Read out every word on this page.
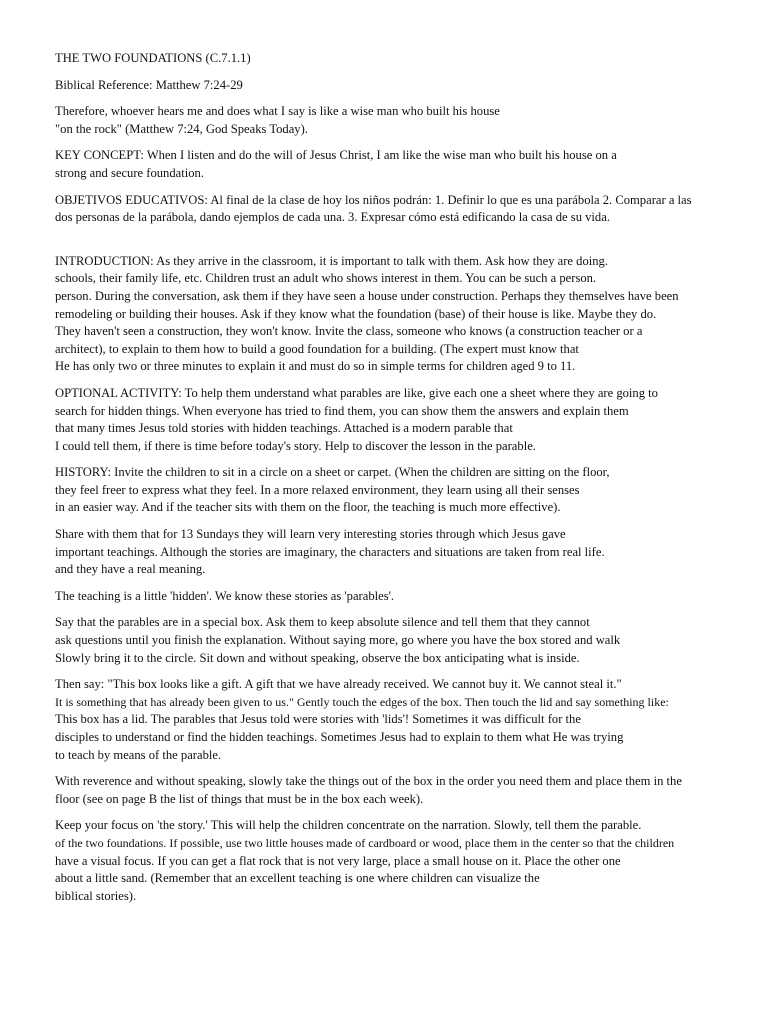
THE TWO FOUNDATIONS (C.7.1.1)
Biblical Reference: Matthew 7:24-29
Therefore, whoever hears me and does what I say is like a wise man who built his house
"on the rock" (Matthew 7:24, God Speaks Today).
KEY CONCEPT: When I listen and do the will of Jesus Christ, I am like the wise man who built his house on a
strong and secure foundation.
OBJETIVOS EDUCATIVOS: Al final de la clase de hoy los niños podrán: 1. Definir lo que es una parábola 2. Comparar a las
dos personas de la parábola, dando ejemplos de cada una. 3. Expresar cómo está edificando la casa de su vida.
INTRODUCTION: As they arrive in the classroom, it is important to talk with them. Ask how they are doing.
schools, their family life, etc. Children trust an adult who shows interest in them. You can be such a person.
person. During the conversation, ask them if they have seen a house under construction. Perhaps they themselves have been
remodeling or building their houses. Ask if they know what the foundation (base) of their house is like. Maybe they do.
They haven't seen a construction, they won't know. Invite the class, someone who knows (a construction teacher or a
architect), to explain to them how to build a good foundation for a building. (The expert must know that
He has only two or three minutes to explain it and must do so in simple terms for children aged 9 to 11.
OPTIONAL ACTIVITY: To help them understand what parables are like, give each one a sheet where they are going to
search for hidden things. When everyone has tried to find them, you can show them the answers and explain them
that many times Jesus told stories with hidden teachings. Attached is a modern parable that
I could tell them, if there is time before today's story. Help to discover the lesson in the parable.
HISTORY: Invite the children to sit in a circle on a sheet or carpet. (When the children are sitting on the floor,
they feel freer to express what they feel. In a more relaxed environment, they learn using all their senses
in an easier way. And if the teacher sits with them on the floor, the teaching is much more effective).
Share with them that for 13 Sundays they will learn very interesting stories through which Jesus gave
important teachings. Although the stories are imaginary, the characters and situations are taken from real life.
and they have a real meaning.
The teaching is a little 'hidden'. We know these stories as 'parables'.
Say that the parables are in a special box. Ask them to keep absolute silence and tell them that they cannot
ask questions until you finish the explanation. Without saying more, go where you have the box stored and walk
Slowly bring it to the circle. Sit down and without speaking, observe the box anticipating what is inside.
Then say: "This box looks like a gift. A gift that we have already received. We cannot buy it. We cannot steal it."
It is something that has already been given to us." Gently touch the edges of the box. Then touch the lid and say something like:
This box has a lid. The parables that Jesus told were stories with 'lids'! Sometimes it was difficult for the
disciples to understand or find the hidden teachings. Sometimes Jesus had to explain to them what He was trying
to teach by means of the parable.
With reverence and without speaking, slowly take the things out of the box in the order you need them and place them in the
floor (see on page B the list of things that must be in the box each week).
Keep your focus on 'the story.' This will help the children concentrate on the narration. Slowly, tell them the parable.
of the two foundations. If possible, use two little houses made of cardboard or wood, place them in the center so that the children
have a visual focus. If you can get a flat rock that is not very large, place a small house on it. Place the other one
about a little sand. (Remember that an excellent teaching is one where children can visualize the
biblical stories).
